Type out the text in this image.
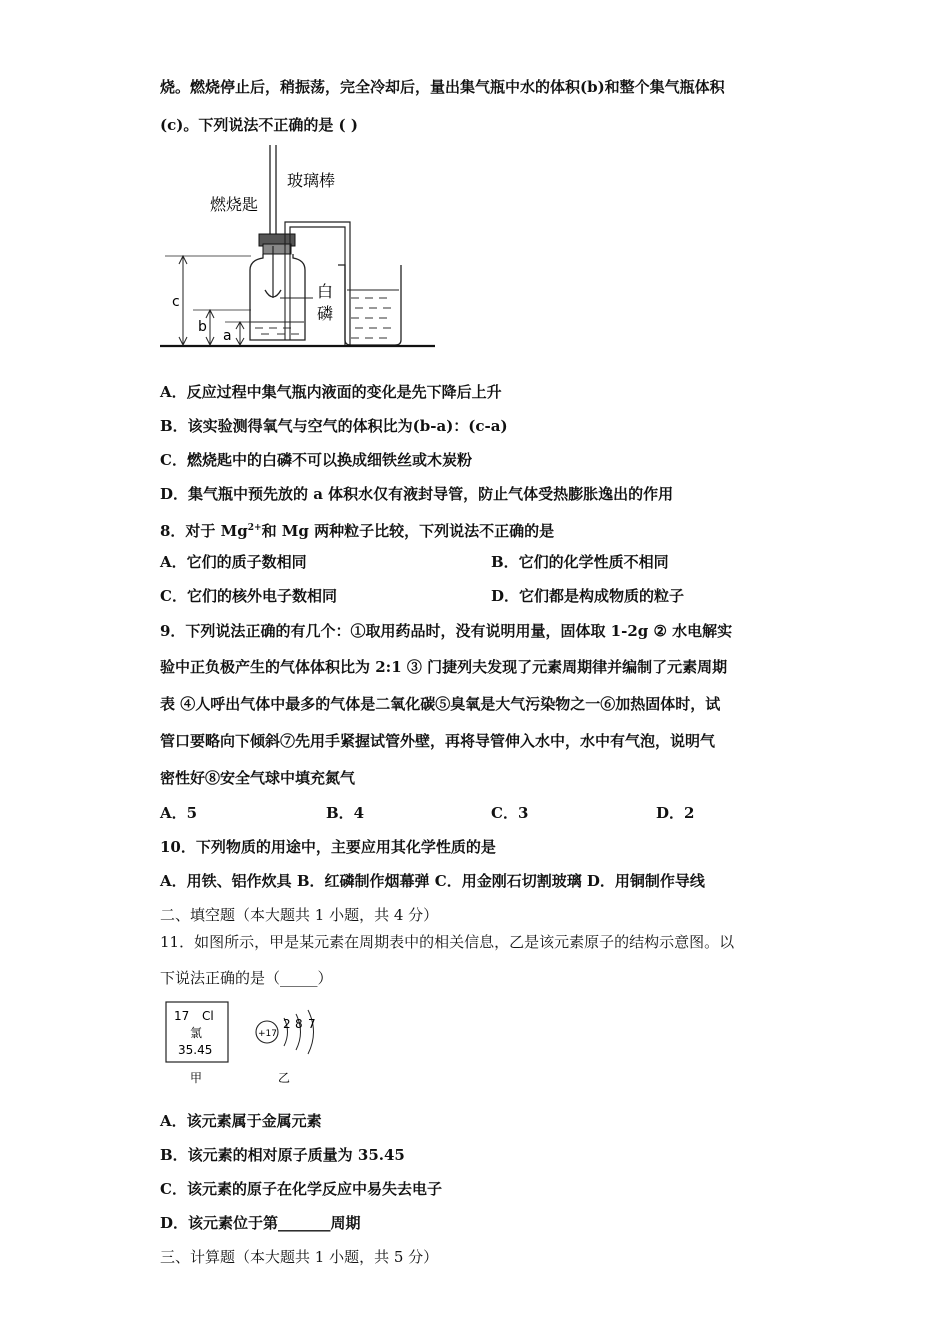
烧。燃烧停止后，稍振荡，完全冷却后，量出集气瓶中水的体积(b)和整个集气瓶体积
(c)。下列说法不正确的是 ( )
玻璃棒
燃烧匙
白
磷
c
b
a
A．反应过程中集气瓶内液面的变化是先下降后上升
B．该实验测得氧气与空气的体积比为(b-a)：(c-a)
C．燃烧匙中的白磷不可以换成细铁丝或木炭粉
D．集气瓶中预先放的 a 体积水仅有液封导管，防止气体受热膨胀逸出的作用
8．对于 $Mg^{2+}$和 Mg 两种粒子比较，下列说法不正确的是
A．它们的质子数相同	B．它们的化学性质不相同
C．它们的核外电子数相同	D．它们都是构成物质的粒子
9．下列说法正确的有几个：①取用药品时，没有说明用量，固体取 1-2g ② 水电解实
验中正负极产生的气体体积比为 2:1 ③ 门捷列夫发现了元素周期律并编制了元素周期
表 ④人呼出气体中最多的气体是二氧化碳⑤臭氧是大气污染物之一⑥加热固体时，试
管口要略向下倾斜⑦先用手紧握试管外壁，再将导管伸入水中，水中有气泡，说明气
密性好⑧安全气球中填充氮气
A．5	B．4	C．3	D．2
10．下列物质的用途中，主要应用其化学性质的是
A．用铁、铝作炊具 B．红磷制作烟幕弹 C．用金刚石切割玻璃 D．用铜制作导线
二、填空题（本大题共 1 小题，共 4 分）
11．如图所示，甲是某元素在周期表中的相关信息，乙是该元素原子的结构示意图。以
下说法正确的是（_____）
17 Cl
氯
35.45
甲
+17
2 8 7
乙
A．该元素属于金属元素
B．该元素的相对原子质量为 35.45
C．该元素的原子在化学反应中易失去电子
D．该元素位于第_______周期
三、计算题（本大题共 1 小题，共 5 分）
